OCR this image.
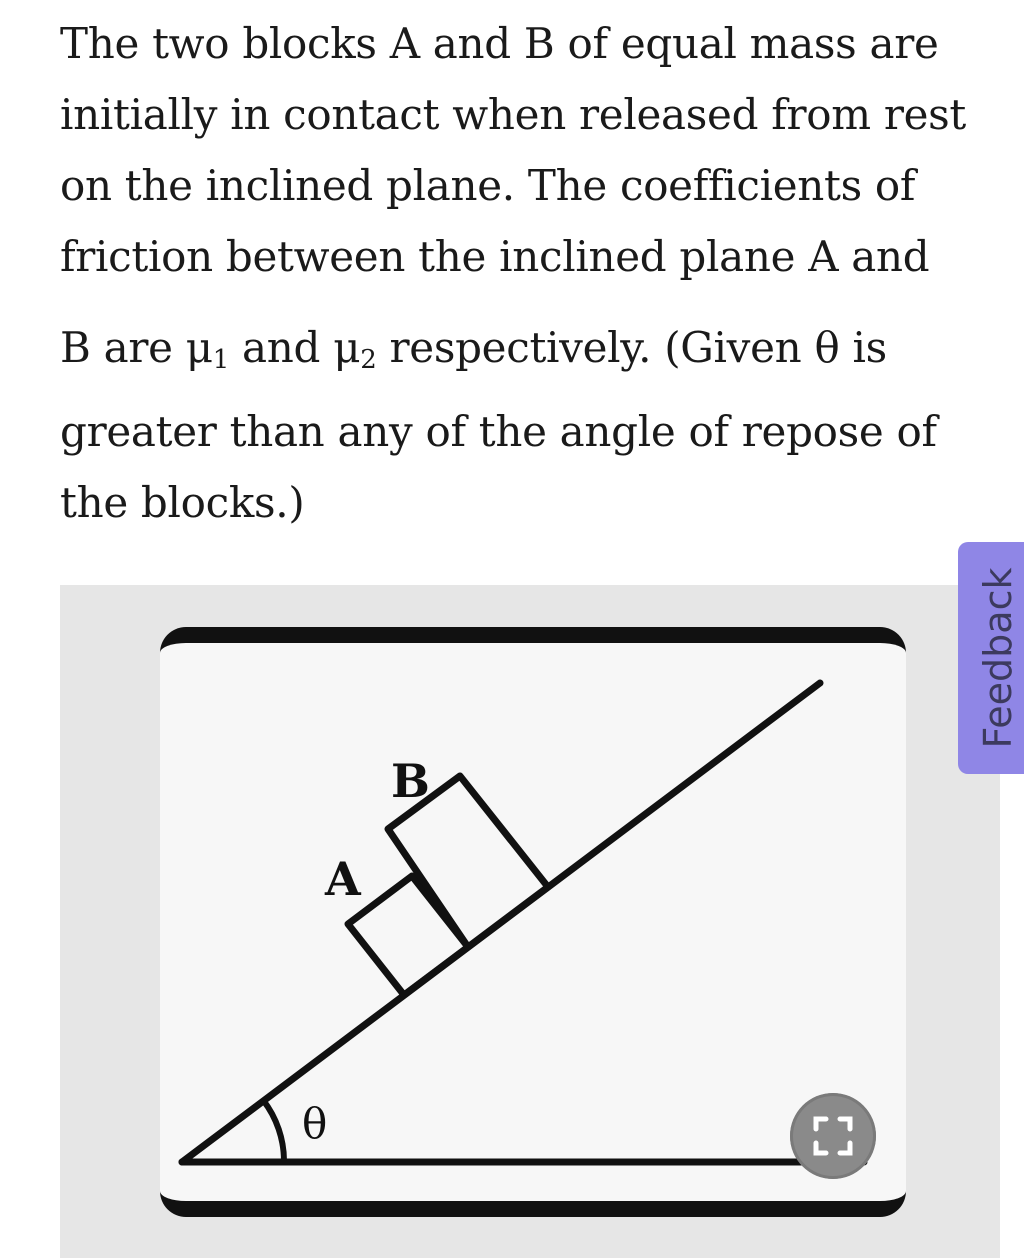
The two blocks A and B of equal mass are initially in contact when released from rest on the inclined plane. The coefficients of friction between the inclined plane A and

B are $\mu_1$ and $\mu_2$ respectively. (Given θ is greater than any of the angle of repose of the blocks.)

θ
A
B
Feedback
